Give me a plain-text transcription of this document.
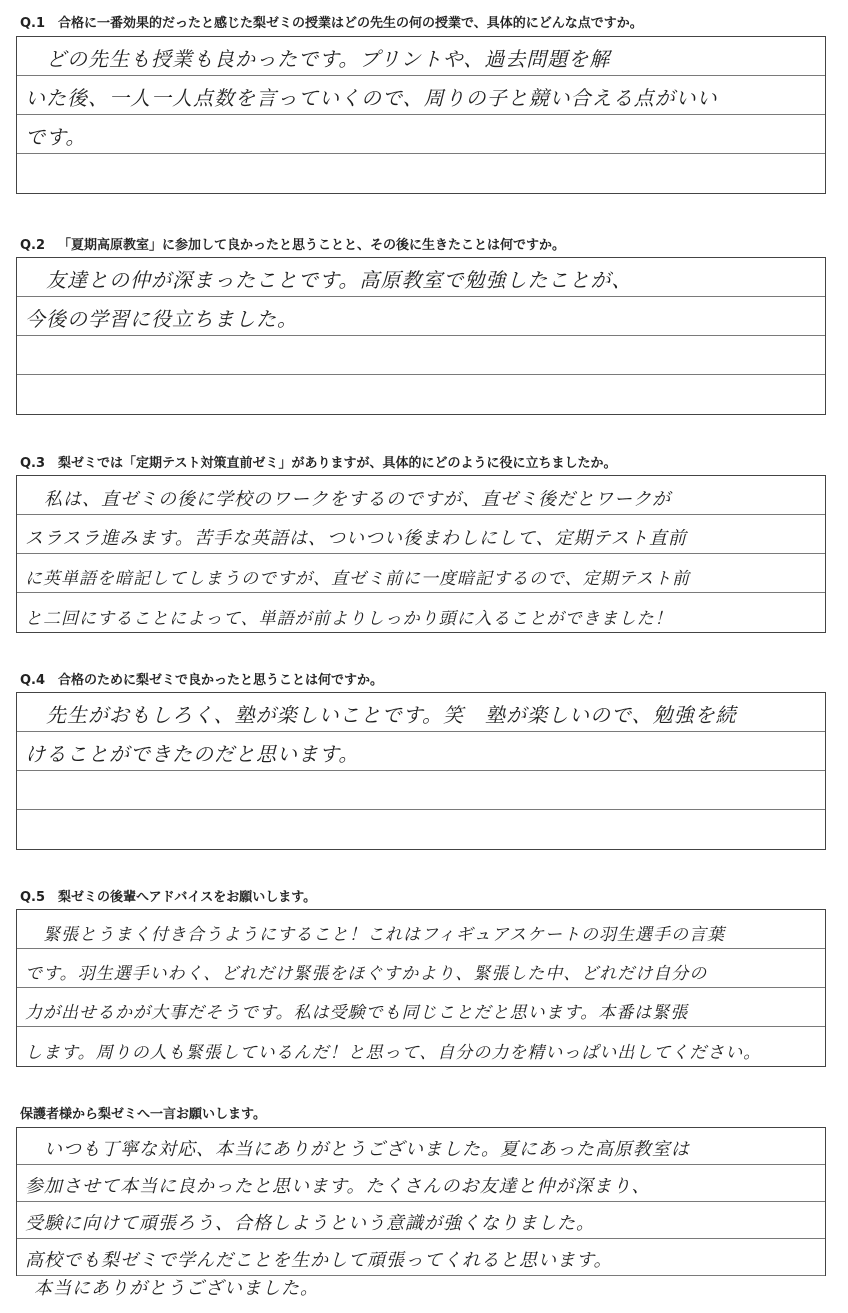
Q.1 合格に一番効果的だったと感じた梨ゼミの授業はどの先生の何の授業で、具体的にどんな点ですか。
　どの先生も授業も良かったです。プリントや、過去問題を解
いた後、一人一人点数を言っていくので、周りの子と競い合える点がいい
です。
Q.2 「夏期高原教室」に参加して良かったと思うことと、その後に生きたことは何ですか。
　友達との仲が深まったことです。高原教室で勉強したことが、
今後の学習に役立ちました。
Q.3 梨ゼミでは「定期テスト対策直前ゼミ」がありますが、具体的にどのように役に立ちましたか。
　私は、直ゼミの後に学校のワークをするのですが、直ゼミ後だとワークが
スラスラ進みます。苦手な英語は、ついつい後まわしにして、定期テスト直前
に英単語を暗記してしまうのですが、直ゼミ前に一度暗記するので、定期テスト前
と二回にすることによって、単語が前よりしっかり頭に入ることができました！
Q.4 合格のために梨ゼミで良かったと思うことは何ですか。
　先生がおもしろく、塾が楽しいことです。笑　塾が楽しいので、勉強を続
けることができたのだと思います。
Q.5 梨ゼミの後輩へアドバイスをお願いします。
　緊張とうまく付き合うようにすること！これはフィギュアスケートの羽生選手の言葉
です。羽生選手いわく、どれだけ緊張をほぐすかより、緊張した中、どれだけ自分の
力が出せるかが大事だそうです。私は受験でも同じことだと思います。本番は緊張
します。周りの人も緊張しているんだ！と思って、自分の力を精いっぱい出してください。
保護者様から梨ゼミへ一言お願いします。
　いつも丁寧な対応、本当にありがとうございました。夏にあった高原教室は
参加させて本当に良かったと思います。たくさんのお友達と仲が深まり、
受験に向けて頑張ろう、合格しようという意識が強くなりました。
高校でも梨ゼミで学んだことを生かして頑張ってくれると思います。
本当にありがとうございました。
